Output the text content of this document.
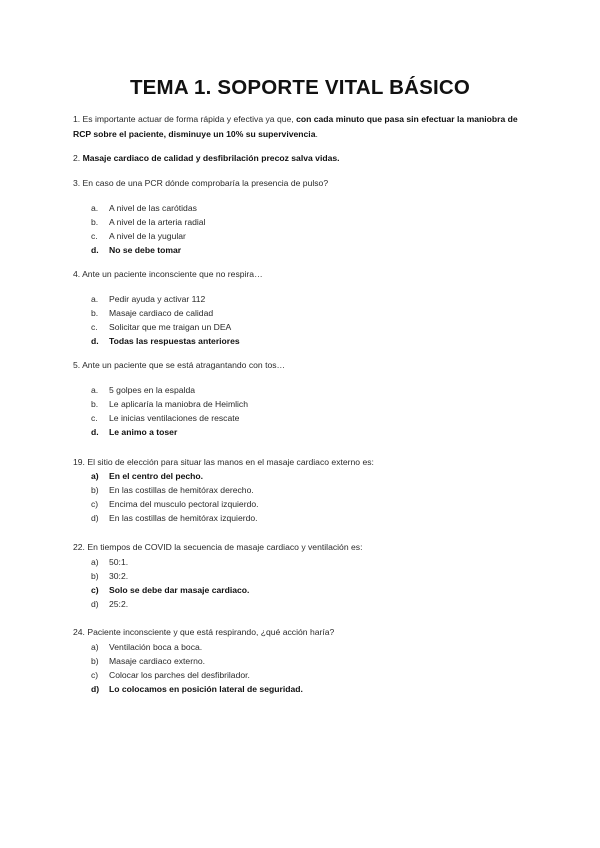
TEMA 1. SOPORTE VITAL BÁSICO
1. Es importante actuar de forma rápida y efectiva ya que, con cada minuto que pasa sin efectuar la maniobra de RCP sobre el paciente, disminuye un 10% su supervivencia.
2. Masaje cardiaco de calidad y desfibrilación precoz salva vidas.
3. En caso de una PCR dónde comprobaría la presencia de pulso?
a. A nivel de las carótidas
b. A nivel de la arteria radial
c. A nivel de la yugular
d. No se debe tomar
4. Ante un paciente inconsciente que no respira…
a. Pedir ayuda y activar 112
b. Masaje cardiaco de calidad
c. Solicitar que me traigan un DEA
d. Todas las respuestas anteriores
5. Ante un paciente que se está atragantando con tos…
a. 5 golpes en la espalda
b. Le aplicaría la maniobra de Heimlich
c. Le inicias ventilaciones de rescate
d. Le animo a toser
19. El sitio de elección para situar las manos en el masaje cardiaco externo es:
a) En el centro del pecho.
b) En las costillas de hemitórax derecho.
c) Encima del musculo pectoral izquierdo.
d) En las costillas de hemitórax izquierdo.
22. En tiempos de COVID la secuencia de masaje cardiaco y ventilación es:
a) 50:1.
b) 30:2.
c) Solo se debe dar masaje cardiaco.
d) 25:2.
24. Paciente inconsciente y que está respirando, ¿qué acción haría?
a) Ventilación boca a boca.
b) Masaje cardiaco externo.
c) Colocar los parches del desfibrilador.
d) Lo colocamos en posición lateral de seguridad.
